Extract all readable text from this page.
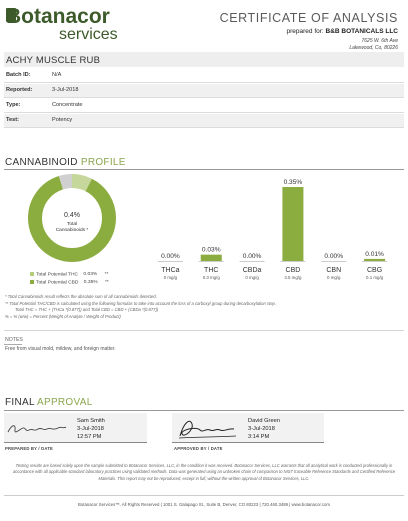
Botanacor
services
CERTIFICATE OF ANALYSIS
prepared for: B&B BOTANICALS LLC
7625 W. 6th Ave
Lakewood, Co, 80226
ACHY MUSCLE RUB
Batch ID:	N/A
Reported:	3-Jul-2018
Type:	Concentrate
Test:	Potency
CANNABINOID PROFILE
0.4%
Total
Cannabinoids *
Total Potential THC 0.03% **
Total Potential CBD 0.35% **
0.00%
THCa
0 mg/g
0.03%
THC
0.3 mg/g
0.00%
CBDa
0 mg/g
0.35%
CBD
3.5 mg/g
0.00%
CBN
0 mg/g
0.01%
CBG
0.1 mg/g
* Total Cannabinoids result reflects the absolute sum of all cannabinoids detected.
** Total Potential THC/CBD is calculated using the following formulas to take into account the loss of a carboxyl group during decarboxylation step.
Total THC = THC + (THCa *(0.877)) and Total CBD = CBD + (CBDa *(0.877))
% = % (w/w) = Percent (Weight of Analyte / Weight of Product)
NOTES
Free from visual mold, mildew, and foreign matter.
FINAL APPROVAL
Sam Smith
3-Jul-2018
12:57 PM
PREPARED BY / DATE
David Green
3-Jul-2018
3:14 PM
APPROVED BY / DATE
Testing results are based solely upon the sample submitted to Botanacor Services, LLC, in the condition it was received. Botanacor Services, LLC warrants that all analytical work is conducted professionally in accordance with all applicable standard laboratory practices using validated methods. Data was generated using an unbroken chain of comparison to NIST traceable Reference Standards and Certified Reference Materials. This report may not be reproduced, except in full, without the written approval of Botanacor Services, LLC.
Botanacor Services™, All Rights Reserved | 1001 S. Galapago St., Suite B, Denver, CO 80223 | 720.460.3489 | www.botanacor.com
